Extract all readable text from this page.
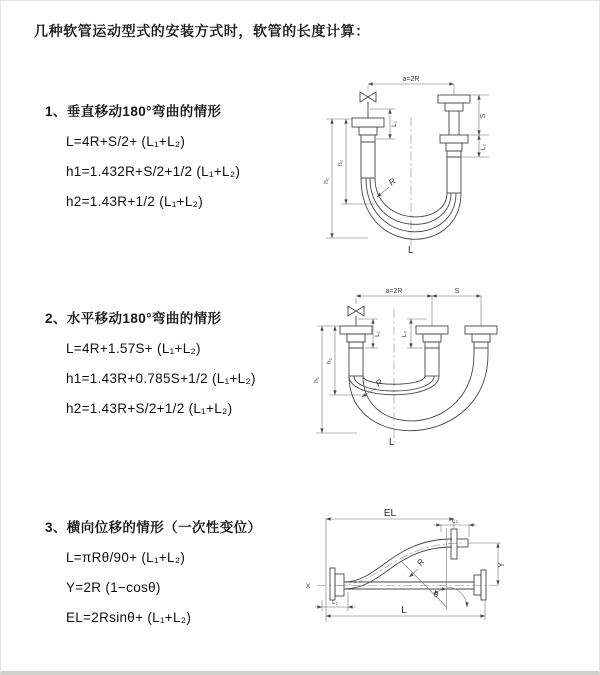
几种软管运动型式的安装方式时，软管的长度计算：
1、垂直移动180°弯曲的情形
L=4R+S/2+ (L₁+L₂)
h1=1.432R+S/2+1/2 (L₁+L₂)
h2=1.43R+1/2 (L₁+L₂)
2、水平移动180°弯曲的情形
L=4R+1.57S+ (L₁+L₂)
h1=1.43R+0.785S+1/2 (L₁+L₂)
h2=1.43R+S/2+1/2 (L₁+L₂)
3、横向位移的情形（一次性变位）
L=πRθ/90+ (L₁+L₂)
Y=2R (1−cosθ)
EL=2Rsinθ+ (L₁+L₂)
a=2R
S
L₂
L₁
h₂
h₁	R
L
a=2R	S
L₁	L₂
h₂
h₁	R
L
X
EL
L₂
θ
R	Y
L
L₁
